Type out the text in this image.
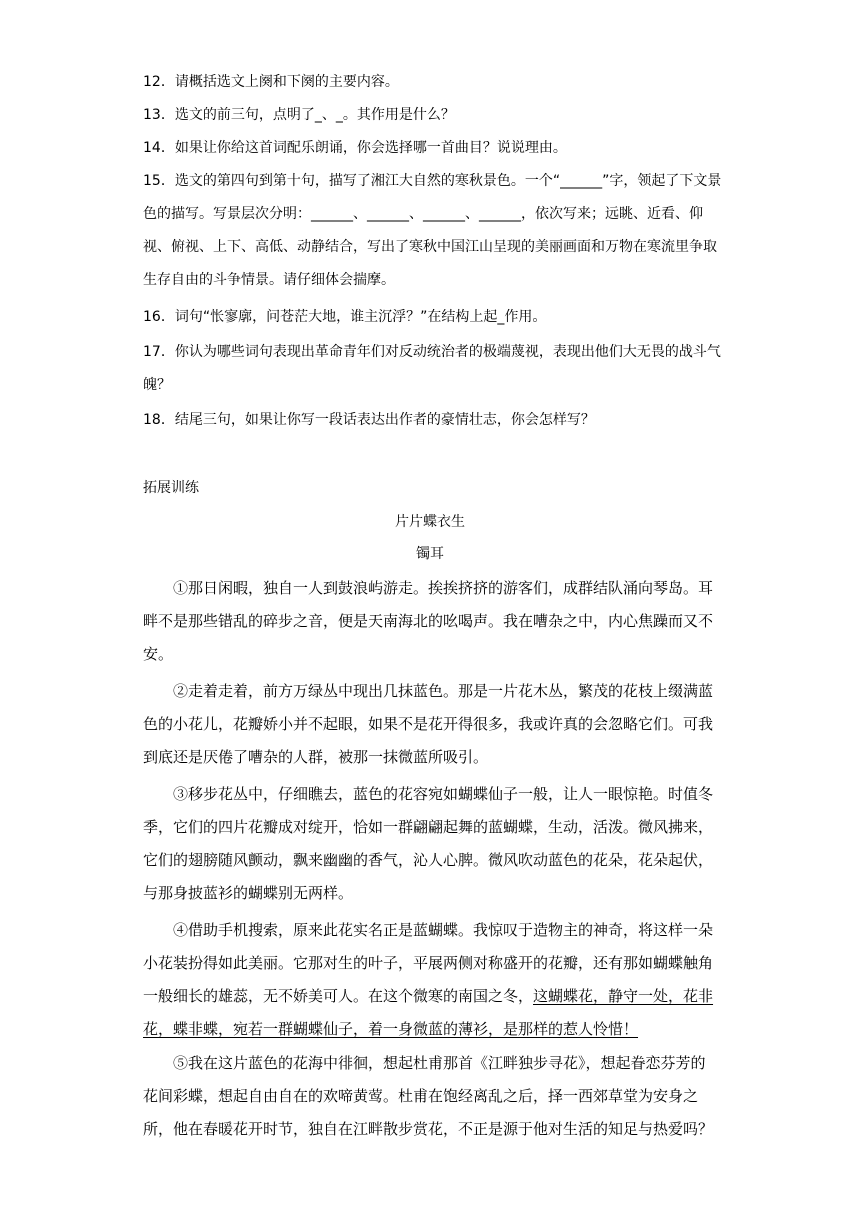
12．请概括选文上阕和下阕的主要内容。
13．选文的前三句，点明了_、_。其作用是什么？
14．如果让你给这首词配乐朗诵，你会选择哪一首曲目？说说理由。
15．选文的第四句到第十句，描写了湘江大自然的寒秋景色。一个“______”字，领起了下文景色的描写。写景层次分明：______、______、______、______，依次写来；远眺、近看、仰视、俯视、上下、高低、动静结合，写出了寒秋中国江山呈现的美丽画面和万物在寒流里争取生存自由的斗争情景。请仔细体会揣摩。
16．词句“怅寥廓，问苍茫大地，谁主沉浮？”在结构上起_作用。
17．你认为哪些词句表现出革命青年们对反动统治者的极端蔑视，表现出他们大无畏的战斗气魄？
18．结尾三句，如果让你写一段话表达出作者的豪情壮志，你会怎样写？
拓展训练
片片蝶衣生
镯耳
①那日闲暇，独自一人到鼓浪屿游走。挨挨挤挤的游客们，成群结队涌向琴岛。耳畔不是那些错乱的碎步之音，便是天南海北的吆喝声。我在嘈杂之中，内心焦躁而又不安。
②走着走着，前方万绿丛中现出几抹蓝色。那是一片花木丛，繁茂的花枝上缀满蓝色的小花儿，花瓣娇小并不起眼，如果不是花开得很多，我或许真的会忽略它们。可我到底还是厌倦了嘈杂的人群，被那一抹微蓝所吸引。
③移步花丛中，仔细瞧去，蓝色的花容宛如蝴蝶仙子一般，让人一眼惊艳。时值冬季，它们的四片花瓣成对绽开，恰如一群翩翩起舞的蓝蝴蝶，生动，活泼。微风拂来，它们的翅膀随风颤动，飘来幽幽的香气，沁人心脾。微风吹动蓝色的花朵，花朵起伏，与那身披蓝衫的蝴蝶别无两样。
④借助手机搜索，原来此花实名正是蓝蝴蝶。我惊叹于造物主的神奇，将这样一朵小花装扮得如此美丽。它那对生的叶子，平展两侧对称盛开的花瓣，还有那如蝴蝶触角一般细长的雄蕊，无不娇美可人。在这个微寒的南国之冬，这蝴蝶花，静守一处，花非花，蝶非蝶，宛若一群蝴蝶仙子，着一身微蓝的薄衫，是那样的惹人怜惜！
⑤我在这片蓝色的花海中徘徊，想起杜甫那首《江畔独步寻花》，想起眷恋芬芳的花间彩蝶，想起自由自在的欢啼黄莺。杜甫在饱经离乱之后，择一西郊草堂为安身之所，他在春暖花开时节，独自在江畔散步赏花，不正是源于他对生活的知足与热爱吗？
